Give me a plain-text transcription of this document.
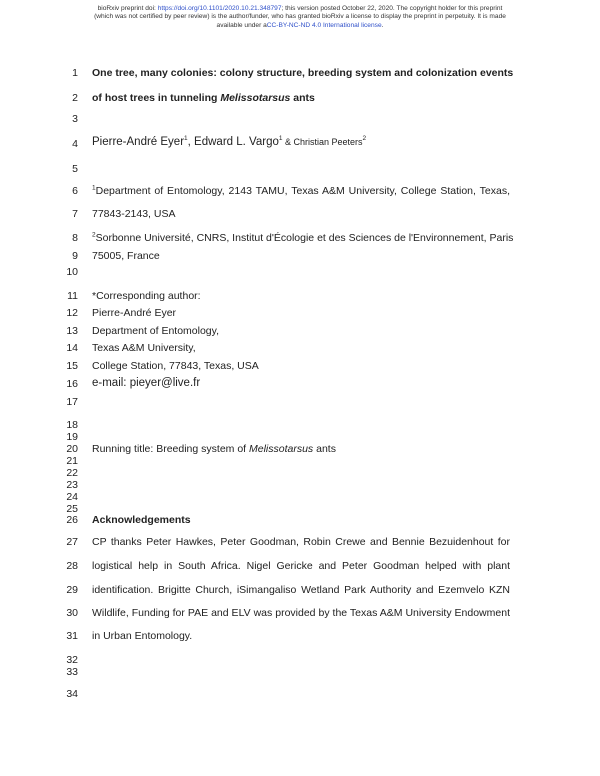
bioRxiv preprint doi: https://doi.org/10.1101/2020.10.21.348797; this version posted October 22, 2020. The copyright holder for this preprint
(which was not certified by peer review) is the author/funder, who has granted bioRxiv a license to display the preprint in perpetuity. It is made
available under aCC-BY-NC-ND 4.0 International license.
1
2
3
4
5
6
7
8
9
10
11
12
13
14
15
16
17
18
19
20
21
22
23
24
25
26
27
28
29
30
31
32
33
34
One tree, many colonies: colony structure, breeding system and colonization events
of host trees in tunneling Melissotarsus ants
Pierre-André Eyer$^1$, Edward L. Vargo$^1$ & Christian Peeters$^2$
$^1$Department of Entomology, 2143 TAMU, Texas A&M University, College Station, Texas,
77843-2143, USA
$^2$Sorbonne Université, CNRS, Institut d'Écologie et des Sciences de l'Environnement, Paris
75005, France
*Corresponding author:
Pierre-André Eyer
Department of Entomology,
Texas A&M University,
College Station, 77843, Texas, USA
e-mail: pieyer@live.fr
Running title: Breeding system of Melissotarsus ants
Acknowledgements
CP thanks Peter Hawkes, Peter Goodman, Robin Crewe and Bennie Bezuidenhout for
logistical help in South Africa. Nigel Gericke and Peter Goodman helped with plant
identification. Brigitte Church, iSimangaliso Wetland Park Authority and Ezemvelo KZN
Wildlife, Funding for PAE and ELV was provided by the Texas A&M University Endowment
in Urban Entomology.
